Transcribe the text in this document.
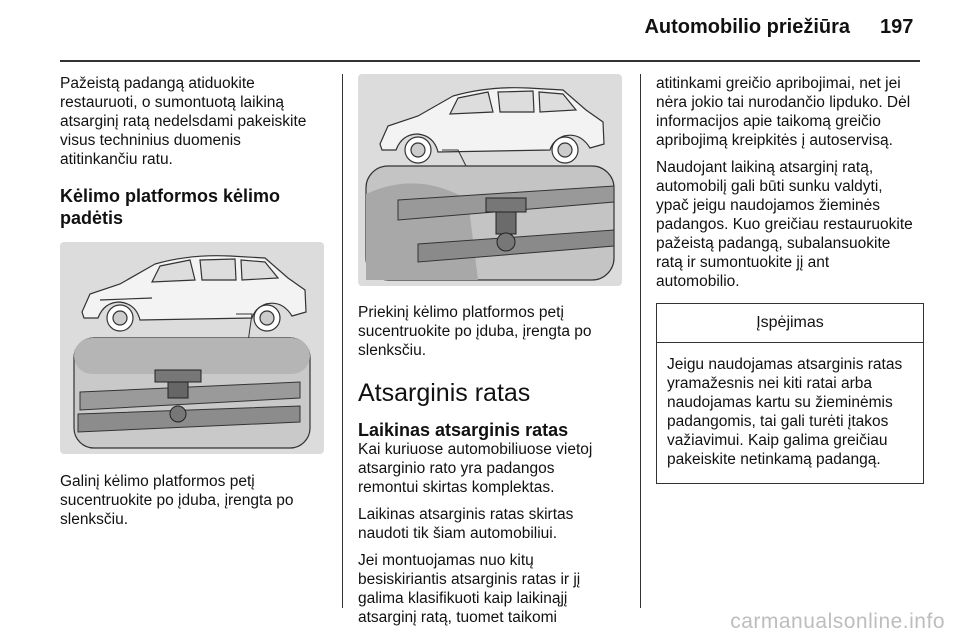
Automobilio priežiūra 197

Pažeistą padangą atiduokite

restauruoti, o sumontuotą laikiną

atsarginį ratą nedelsdami pakeiskite

visus techninius duomenis

atitinkančiu ratu.

Kėlimo platformos kėlimo
padėtis

Galinį kėlimo platformos petį

sucentruokite po įduba, įrengta po

slenksčiu.

Priekinį kėlimo platformos petį

sucentruokite po įduba, įrengta po

slenksčiu.

Atsarginis ratas
Laikinas atsarginis ratas

Kai kuriuose automobiliuose vietoj

atsarginio rato yra padangos

remontui skirtas komplektas.

Laikinas atsarginis ratas skirtas

naudoti tik šiam automobiliui.

Jei montuojamas nuo kitų

besiskiriantis atsarginis ratas ir jį

galima klasifikuoti kaip laikinąjį

atsarginį ratą, tuomet taikomi

atitinkami greičio apribojimai, net jei

nėra jokio tai nurodančio lipduko. Dėl

informacijos apie taikomą greičio

apribojimą kreipkitės į autoservisą.

Naudojant laikiną atsarginį ratą,

automobilį gali būti sunku valdyti,

ypač jeigu naudojamos žieminės

padangos. Kuo greičiau restauruokite

pažeistą padangą, subalansuokite

ratą ir sumontuokite jį ant

automobilio.

Įspėjimas

Jeigu naudojamas atsarginis ratas

yramažesnis nei kiti ratai arba

naudojamas kartu su žieminėmis

padangomis, tai gali turėti įtakos

važiavimui. Kaip galima greičiau

pakeiskite netinkamą padangą.

carmanualsonline.info
